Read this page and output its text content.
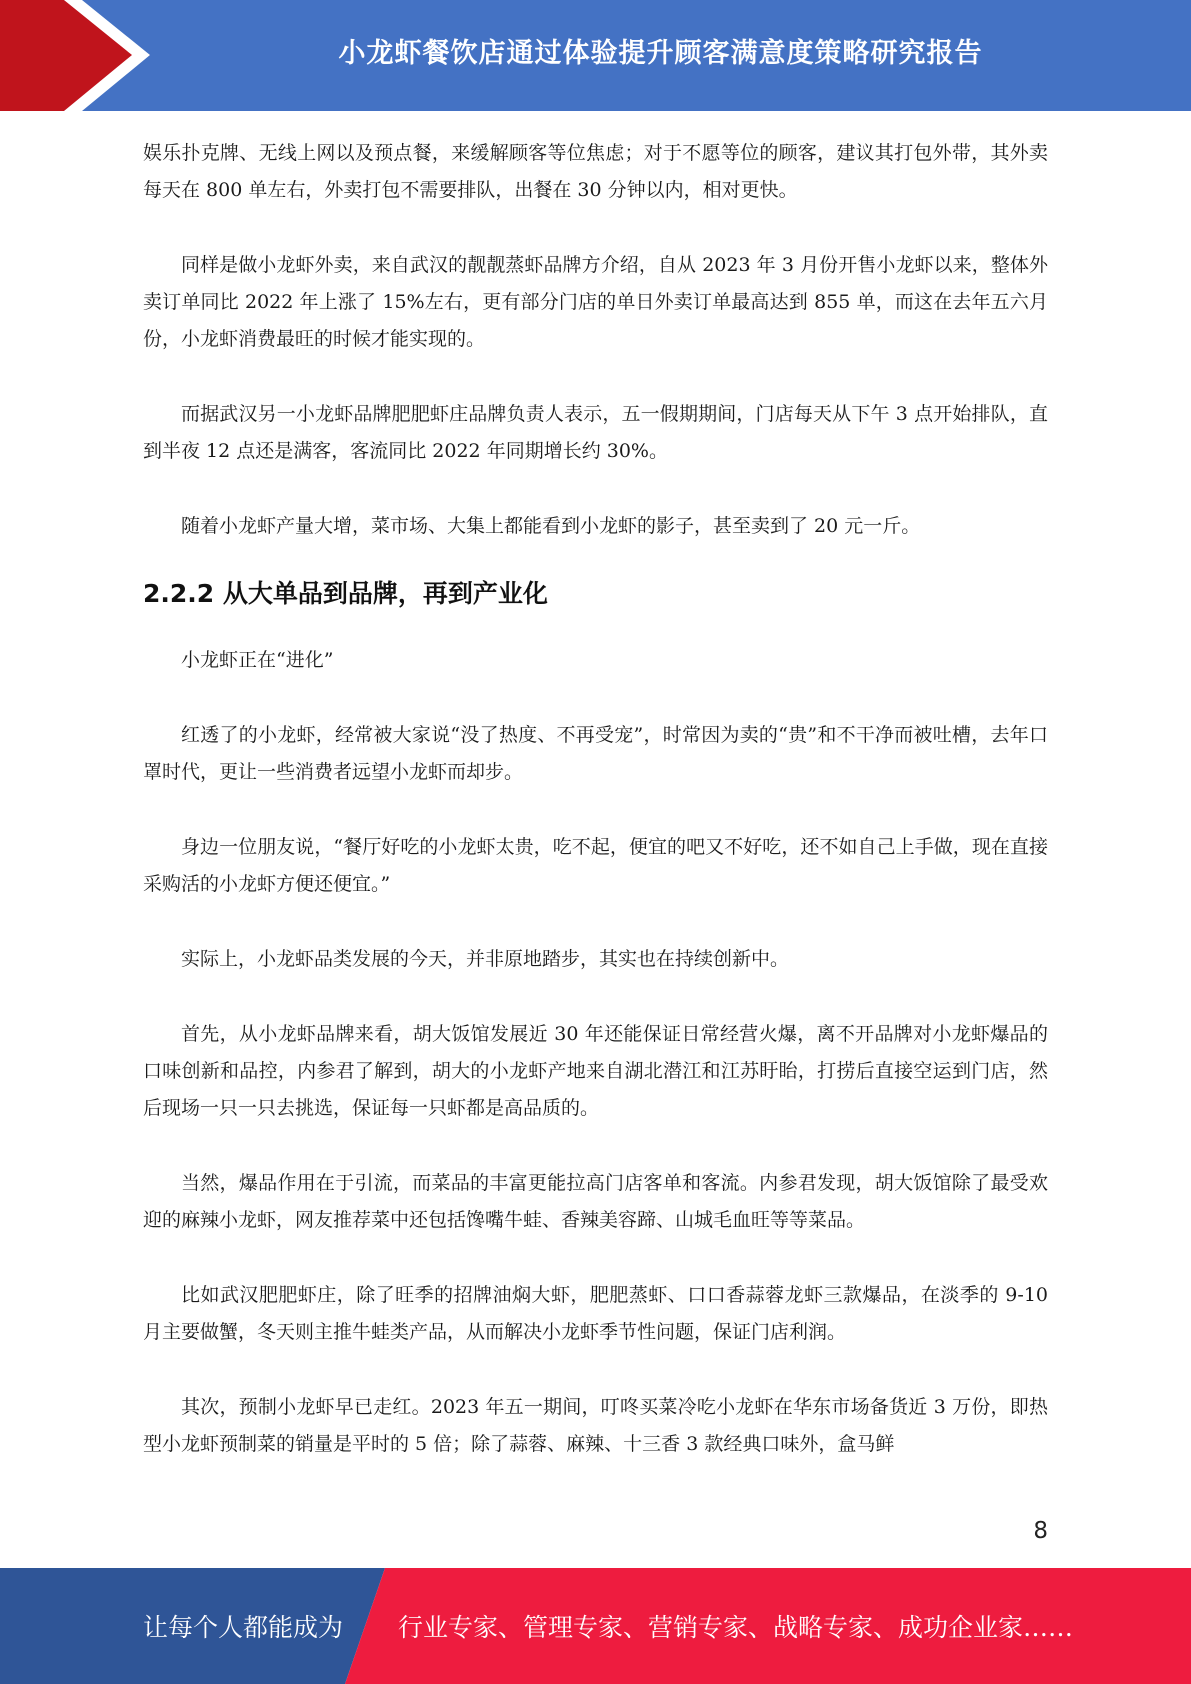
小龙虾餐饮店通过体验提升顾客满意度策略研究报告

娱乐扑克牌、无线上网以及预点餐，来缓解顾客等位焦虑；对于不愿等位的顾客，建议其打包外带，其外卖每天在 800 单左右，外卖打包不需要排队，出餐在 30 分钟以内，相对更快。

同样是做小龙虾外卖，来自武汉的靓靓蒸虾品牌方介绍，自从 2023 年 3 月份开售小龙虾以来，整体外卖订单同比 2022 年上涨了 15%左右，更有部分门店的单日外卖订单最高达到 855 单，而这在去年五六月份，小龙虾消费最旺的时候才能实现的。

而据武汉另一小龙虾品牌肥肥虾庄品牌负责人表示，五一假期期间，门店每天从下午 3 点开始排队，直到半夜 12 点还是满客，客流同比 2022 年同期增长约 30%。

随着小龙虾产量大增，菜市场、大集上都能看到小龙虾的影子，甚至卖到了 20 元一斤。

2.2.2 从大单品到品牌，再到产业化

小龙虾正在“进化”

红透了的小龙虾，经常被大家说“没了热度、不再受宠”，时常因为卖的“贵”和不干净而被吐槽，去年口罩时代，更让一些消费者远望小龙虾而却步。

身边一位朋友说，“餐厅好吃的小龙虾太贵，吃不起，便宜的吧又不好吃，还不如自己上手做，现在直接采购活的小龙虾方便还便宜。”

实际上，小龙虾品类发展的今天，并非原地踏步，其实也在持续创新中。

首先，从小龙虾品牌来看，胡大饭馆发展近 30 年还能保证日常经营火爆，离不开品牌对小龙虾爆品的口味创新和品控，内参君了解到，胡大的小龙虾产地来自湖北潜江和江苏盱眙，打捞后直接空运到门店，然后现场一只一只去挑选，保证每一只虾都是高品质的。

当然，爆品作用在于引流，而菜品的丰富更能拉高门店客单和客流。内参君发现，胡大饭馆除了最受欢迎的麻辣小龙虾，网友推荐菜中还包括馋嘴牛蛙、香辣美容蹄、山城毛血旺等等菜品。

比如武汉肥肥虾庄，除了旺季的招牌油焖大虾，肥肥蒸虾、口口香蒜蓉龙虾三款爆品，在淡季的 9-10 月主要做蟹，冬天则主推牛蛙类产品，从而解决小龙虾季节性问题，保证门店利润。

其次，预制小龙虾早已走红。2023 年五一期间，叮咚买菜冷吃小龙虾在华东市场备货近 3 万份，即热型小龙虾预制菜的销量是平时的 5 倍；除了蒜蓉、麻辣、十三香 3 款经典口味外，盒马鲜

8
让每个人都能成为 行业专家、管理专家、营销专家、战略专家、成功企业家……
